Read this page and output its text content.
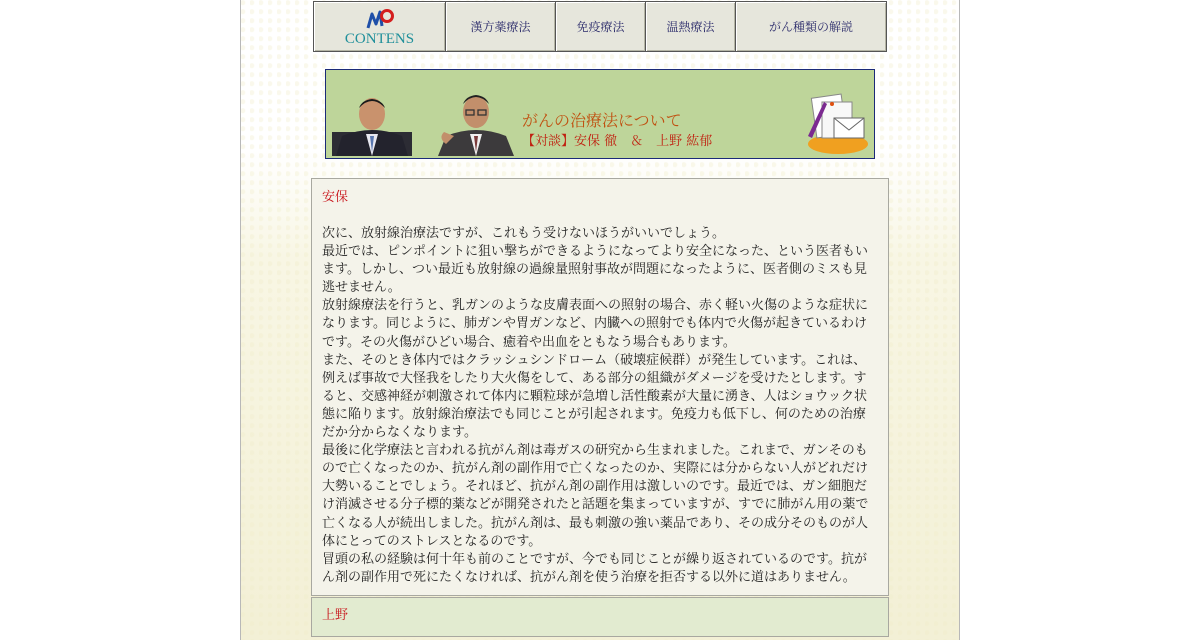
CONTENS
漢方薬療法	免疫療法	温熱療法	がん種類の解説
がんの治療法について
【対談】安保 徹　＆　上野 紘郁
安保

次に、放射線治療法ですが、これもう受けないほうがいいでしょう。

最近では、ピンポイントに狙い撃ちができるようになってより安全になった、という医者もいます。しかし、つい最近も放射線の過線量照射事故が問題になったように、医者側のミスも見逃せません。

放射線療法を行うと、乳ガンのような皮膚表面への照射の場合、赤く軽い火傷のような症状になります。同じように、肺ガンや胃ガンなど、内臓への照射でも体内で火傷が起きているわけです。その火傷がひどい場合、癒着や出血をともなう場合もあります。

また、そのとき体内ではクラッシュシンドローム（破壊症候群）が発生しています。これは、例えば事故で大怪我をしたり大火傷をして、ある部分の組織がダメージを受けたとします。すると、交感神経が刺激されて体内に顆粒球が急増し活性酸素が大量に湧き、人はショウック状態に陥ります。放射線治療法でも同じことが引起されます。免疫力も低下し、何のための治療だか分からなくなります。

最後に化学療法と言われる抗がん剤は毒ガスの研究から生まれました。これまで、ガンそのもので亡くなったのか、抗がん剤の副作用で亡くなったのか、実際には分からない人がどれだけ大勢いることでしょう。それほど、抗がん剤の副作用は激しいのです。最近では、ガン細胞だけ消滅させる分子標的薬などが開発されたと話題を集まっていますが、すでに肺がん用の薬で亡くなる人が続出しました。抗がん剤は、最も刺激の強い薬品であり、その成分そのものが人体にとってのストレスとなるのです。

冒頭の私の経験は何十年も前のことですが、今でも同じことが繰り返されているのです。抗がん剤の副作用で死にたくなければ、抗がん剤を使う治療を拒否する以外に道はありません。

上野
